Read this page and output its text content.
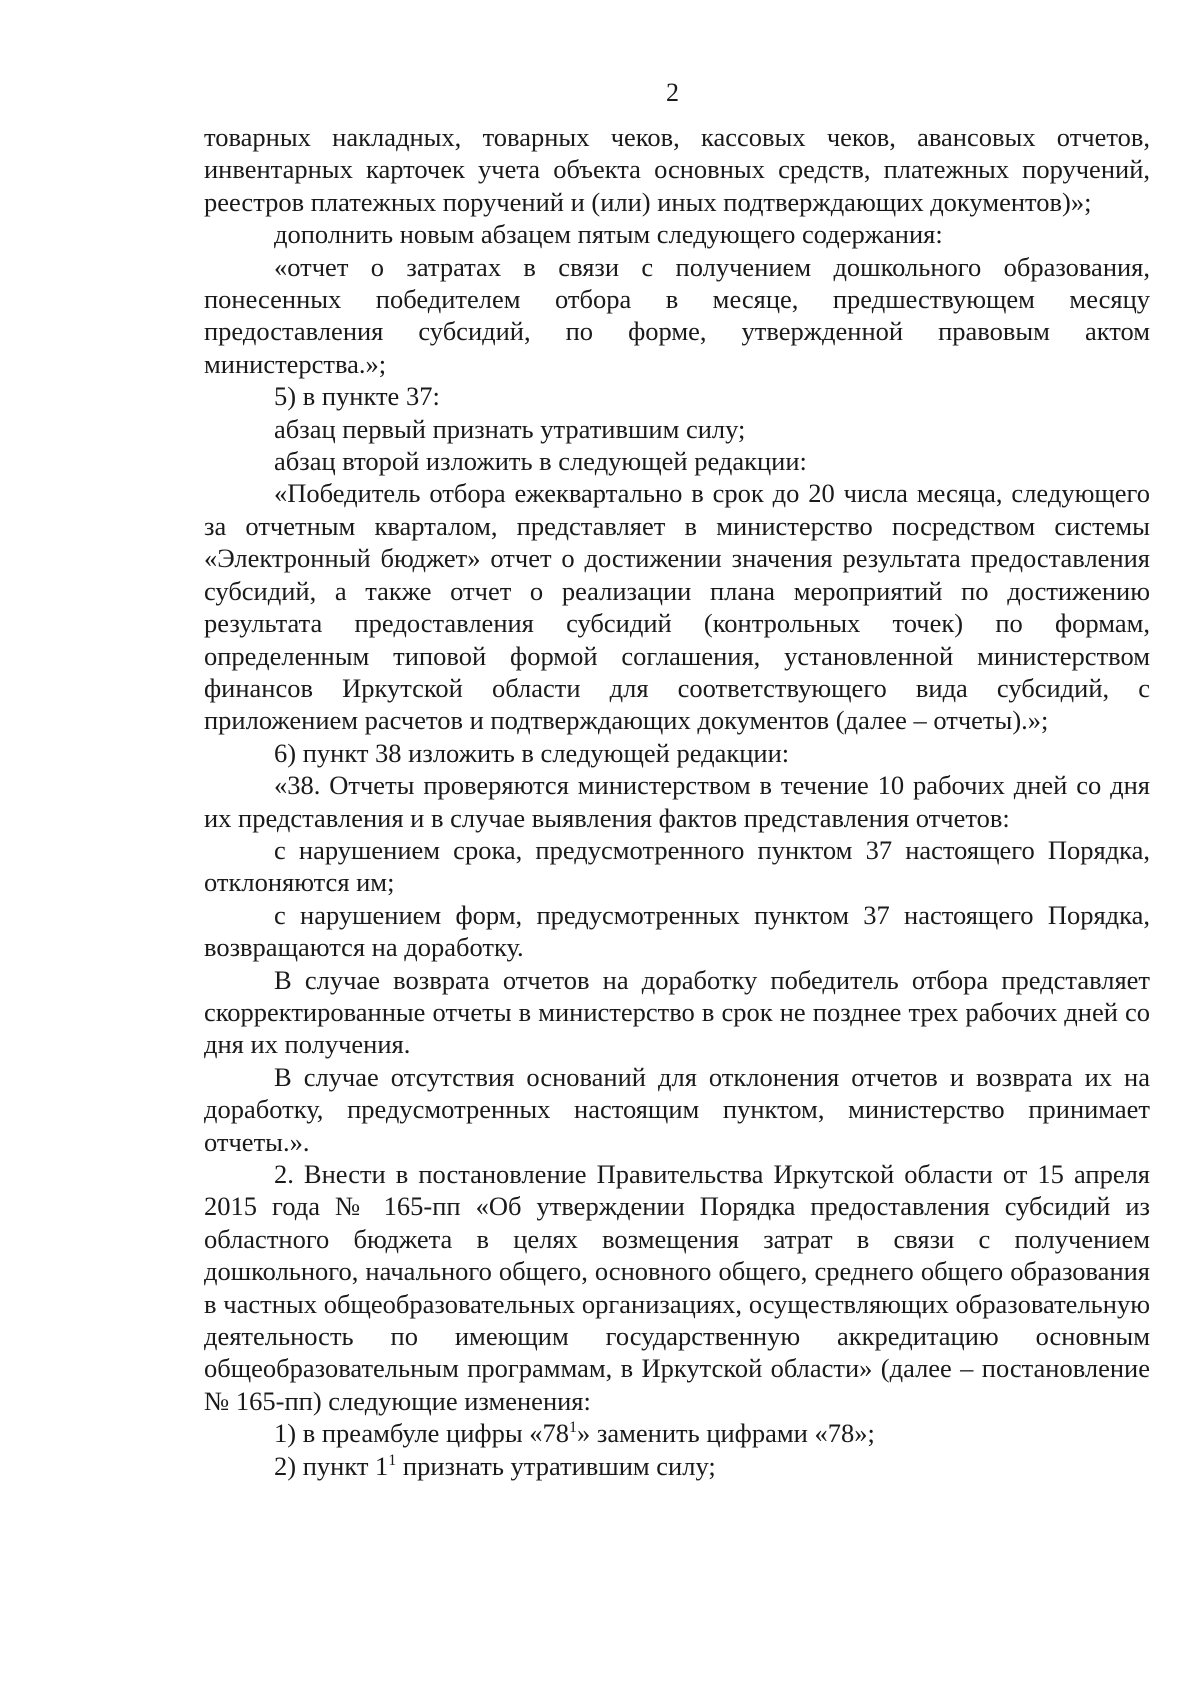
2

товарных накладных, товарных чеков, кассовых чеков, авансовых отчетов, инвентарных карточек учета объекта основных средств, платежных поручений, реестров платежных поручений и (или) иных подтверждающих документов)»;

дополнить новым абзацем пятым следующего содержания:

«отчет о затратах в связи с получением дошкольного образования, понесенных победителем отбора в месяце, предшествующем месяцу предоставления субсидий, по форме, утвержденной правовым актом министерства.»;

5) в пункте 37:

абзац первый признать утратившим силу;

абзац второй изложить в следующей редакции:

«Победитель отбора ежеквартально в срок до 20 числа месяца, следующего за отчетным кварталом, представляет в министерство посредством системы «Электронный бюджет» отчет о достижении значения результата предоставления субсидий, а также отчет о реализации плана мероприятий по достижению результата предоставления субсидий (контрольных точек) по формам, определенным типовой формой соглашения, установленной министерством финансов Иркутской области для соответствующего вида субсидий, с приложением расчетов и подтверждающих документов (далее – отчеты).»;

6) пункт 38 изложить в следующей редакции:

«38. Отчеты проверяются министерством в течение 10 рабочих дней со дня их представления и в случае выявления фактов представления отчетов:

с нарушением срока, предусмотренного пунктом 37 настоящего Порядка, отклоняются им;

с нарушением форм, предусмотренных пунктом 37 настоящего Порядка, возвращаются на доработку.

В случае возврата отчетов на доработку победитель отбора представляет скорректированные отчеты в министерство в срок не позднее трех рабочих дней со дня их получения.

В случае отсутствия оснований для отклонения отчетов и возврата их на доработку, предусмотренных настоящим пунктом, министерство принимает отчеты.».

2. Внести в постановление Правительства Иркутской области от 15 апреля 2015 года № 165-пп «Об утверждении Порядка предоставления субсидий из областного бюджета в целях возмещения затрат в связи с получением дошкольного, начального общего, основного общего, среднего общего образования в частных общеобразовательных организациях, осуществляющих образовательную деятельность по имеющим государственную аккредитацию основным общеобразовательным программам, в Иркутской области» (далее – постановление № 165-пп) следующие изменения:

1) в преамбуле цифры «$78^1$» заменить цифрами «78»;

2) пункт $1^1$ признать утратившим силу;
